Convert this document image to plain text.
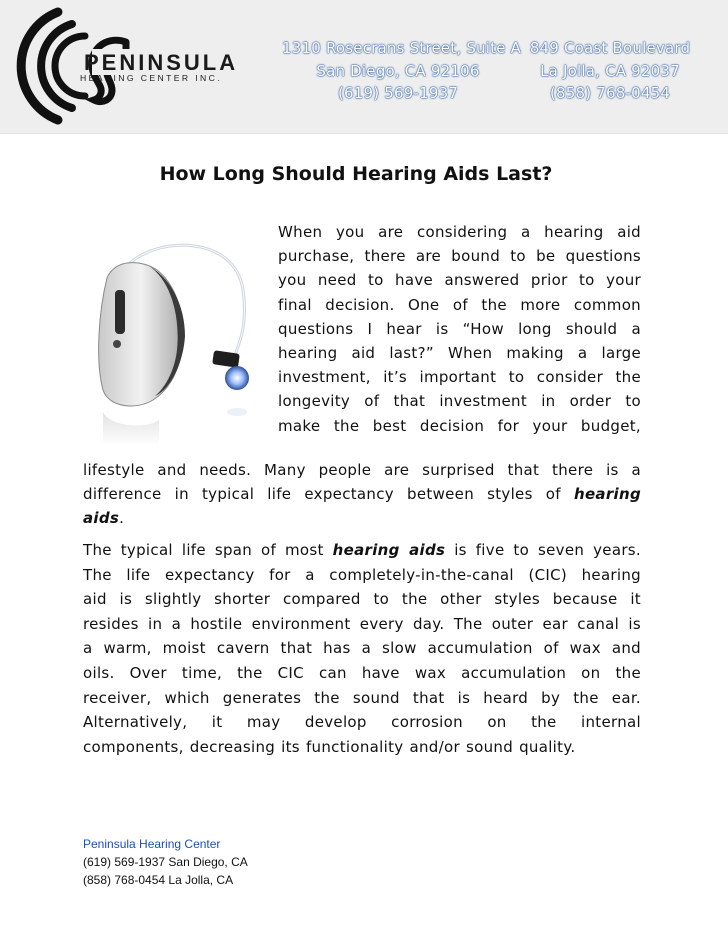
PENINSULA
HEARING CENTER INC.
1310 Rosecrans Street, Suite A
San Diego, CA 92106
(619) 569-1937
849 Coast Boulevard
La Jolla, CA 92037
(858) 768-0454
How Long Should Hearing Aids Last?
When you are considering a hearing aid
purchase, there are bound to be questions
you need to have answered prior to your
final decision. One of the more common
questions I hear is “How long should a
hearing aid last?” When making a large
investment, it’s important to consider the
longevity of that investment in order to
make the best decision for your budget,
lifestyle and needs. Many people are surprised that there is a
difference in typical life expectancy between styles of hearing
aids.
The typical life span of most hearing aids is five to seven years.
The life expectancy for a completely-in-the-canal (CIC) hearing
aid is slightly shorter compared to the other styles because it
resides in a hostile environment every day. The outer ear canal is
a warm, moist cavern that has a slow accumulation of wax and
oils. Over time, the CIC can have wax accumulation on the
receiver, which generates the sound that is heard by the ear.
Alternatively, it may develop corrosion on the internal
components, decreasing its functionality and/or sound quality.
Peninsula Hearing Center
(619) 569-1937 San Diego, CA
(858) 768-0454 La Jolla, CA
